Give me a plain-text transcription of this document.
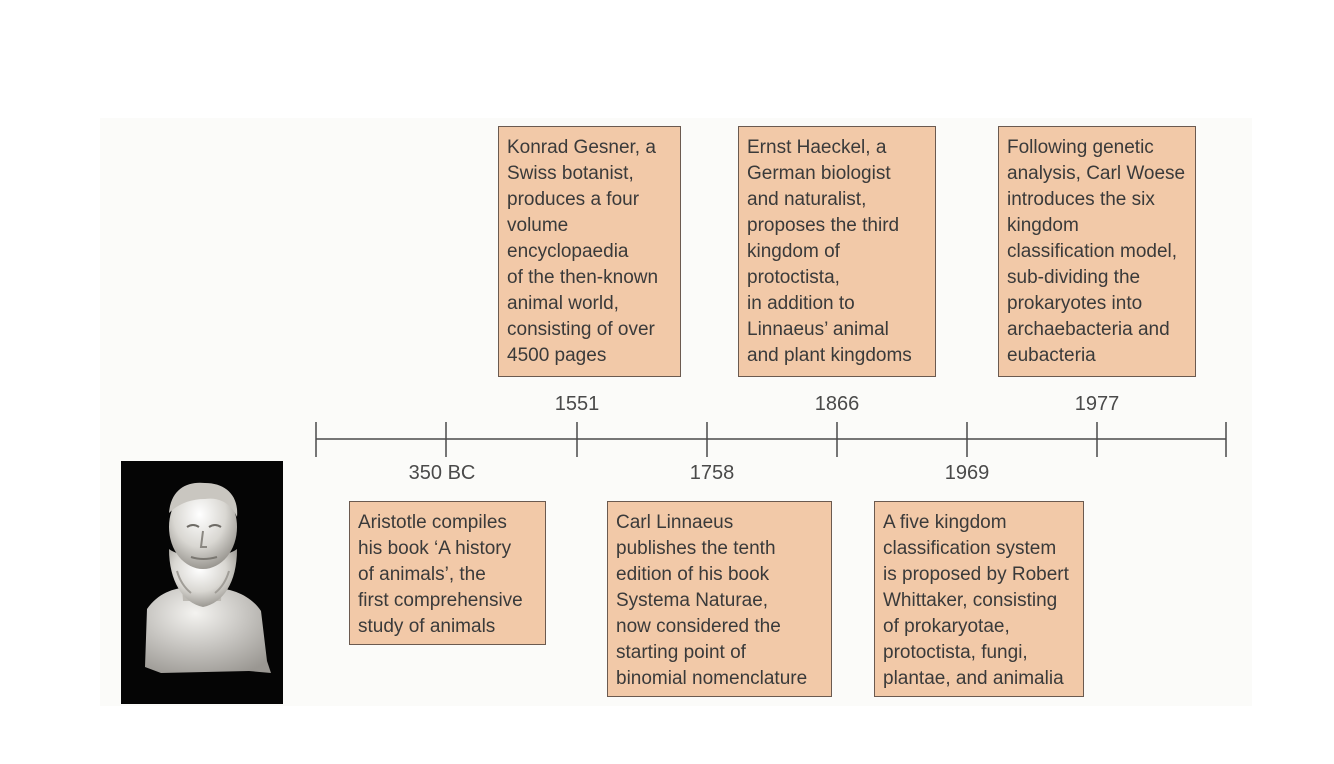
Konrad Gesner, a
Swiss botanist,
produces a four
volume
encyclopaedia
of the then-known
animal world,
consisting of over
4500 pages
1551
Ernst Haeckel, a
German biologist
and naturalist,
proposes the third
kingdom of
protoctista,
in addition to
Linnaeus’ animal
and plant kingdoms
1866
Following genetic
analysis, Carl Woese
introduces the six
kingdom
classification model,
sub-dividing the
prokaryotes into
archaebacteria and
eubacteria
1977
350 BC
Aristotle compiles
his book ‘A history
of animals’, the
first comprehensive
study of animals
1758
Carl Linnaeus
publishes the tenth
edition of his book
Systema Naturae,
now considered the
starting point of
binomial nomenclature
1969
A five kingdom
classification system
is proposed by Robert
Whittaker, consisting
of prokaryotae,
protoctista, fungi,
plantae, and animalia
